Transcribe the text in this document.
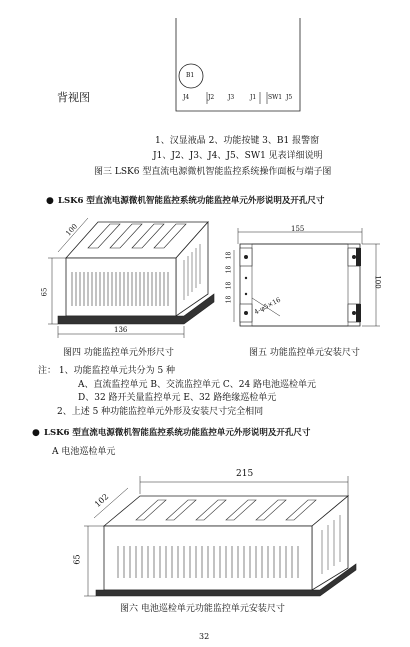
背视图
B1
J4	J2 J3	J1 SW1 J5
1、汉显液晶 2、功能按键 3、B1 报警窗
J1、J2、J3、J4、J5、SW1 见表详细说明
图三 LSK6 型直流电源微机智能监控系统操作面板与端子图
● LSK6 型直流电源微机智能监控系统功能监控单元外形说明及开孔尺寸
100
65
136
155
100
4-φ5×16
18
18
18
18
图四 功能监控单元外形尺寸	图五 功能监控单元安装尺寸
注： 1、功能监控单元共分为 5 种
A、直流监控单元 B、交流监控单元 C、24 路电池巡检单元
D、32 路开关量监控单元 E、32 路绝缘巡检单元
2、上述 5 种功能监控单元外形及安装尺寸完全相同
● LSK6 型直流电源微机智能监控系统功能监控单元外形说明及开孔尺寸
A 电池巡检单元
215
102
65
图六 电池巡检单元功能监控单元安装尺寸
32
